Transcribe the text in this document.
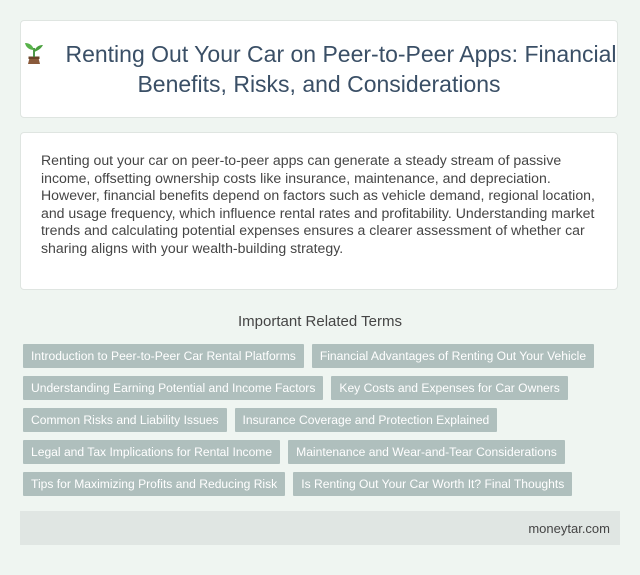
Renting Out Your Car on Peer-to-Peer Apps: Financial Benefits, Risks, and Considerations

Renting out your car on peer-to-peer apps can generate a steady stream of passive income, offsetting ownership costs like insurance, maintenance, and depreciation. However, financial benefits depend on factors such as vehicle demand, regional location, and usage frequency, which influence rental rates and profitability. Understanding market trends and calculating potential expenses ensures a clearer assessment of whether car sharing aligns with your wealth-building strategy.

Important Related Terms
Introduction to Peer-to-Peer Car Rental Platforms	Financial Advantages of Renting Out Your Vehicle
Understanding Earning Potential and Income Factors	Key Costs and Expenses for Car Owners
Common Risks and Liability Issues	Insurance Coverage and Protection Explained
Legal and Tax Implications for Rental Income	Maintenance and Wear-and-Tear Considerations
Tips for Maximizing Profits and Reducing Risk	Is Renting Out Your Car Worth It? Final Thoughts
moneytar.com
